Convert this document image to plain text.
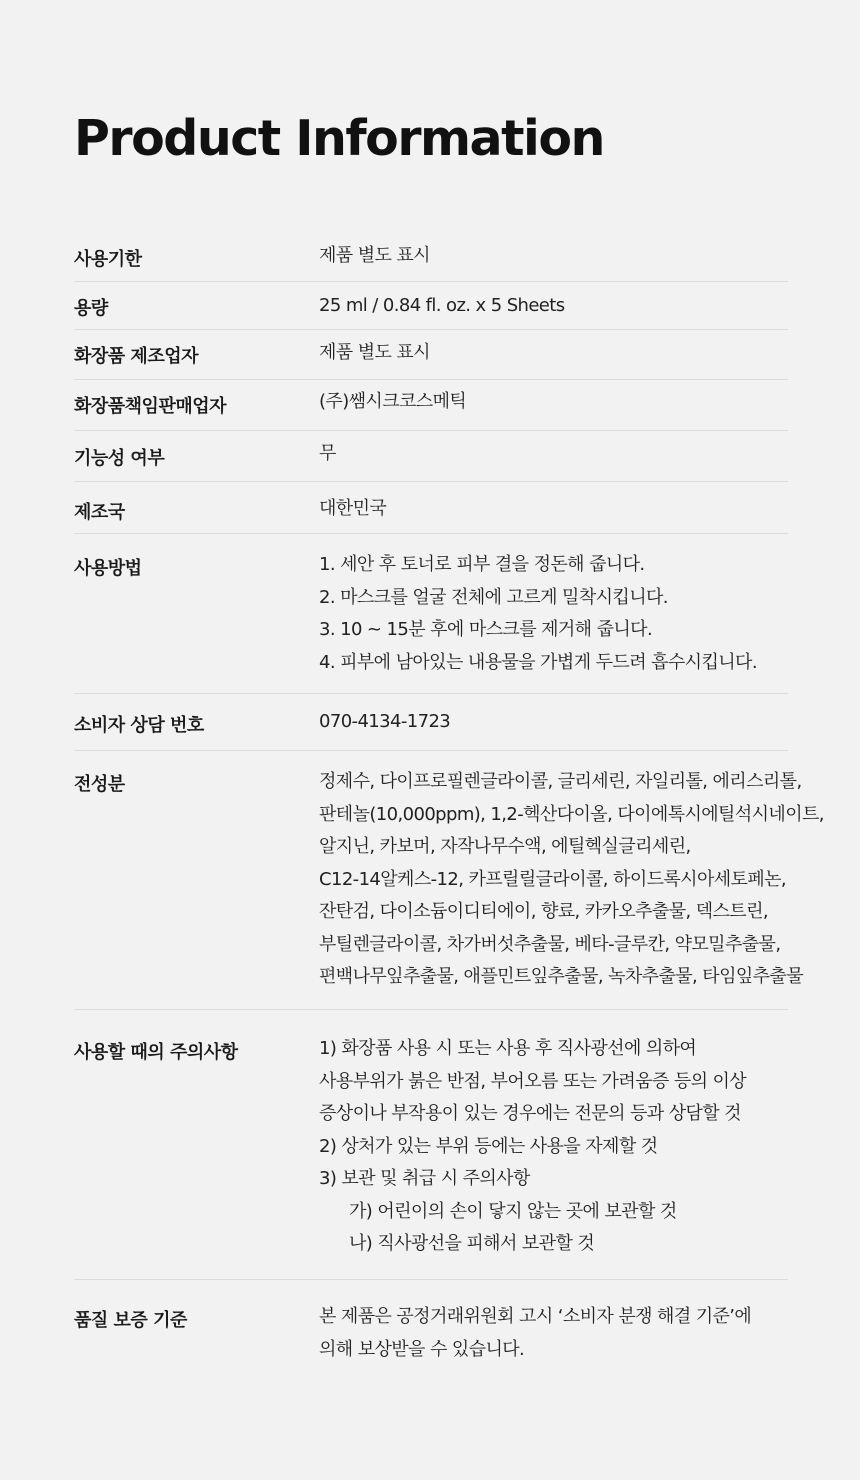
Product Information
사용기한	제품 별도 표시
용량	25 ml / 0.84 fl. oz. x 5 Sheets
화장품 제조업자	제품 별도 표시
화장품책임판매업자	(주)쌤시크코스메틱
기능성 여부	무
제조국	대한민국
사용방법	1. 세안 후 토너로 피부 결을 정돈해 줍니다.
2. 마스크를 얼굴 전체에 고르게 밀착시킵니다.
3. 10 ~ 15분 후에 마스크를 제거해 줍니다.
4. 피부에 남아있는 내용물을 가볍게 두드려 흡수시킵니다.
소비자 상담 번호	070-4134-1723
전성분	정제수, 다이프로필렌글라이콜, 글리세린, 자일리톨, 에리스리톨,
판테놀(10,000ppm), 1,2-헥산다이올, 다이에톡시에틸석시네이트,
알지닌, 카보머, 자작나무수액, 에틸헥실글리세린,
C12-14알케스-12, 카프릴릴글라이콜, 하이드록시아세토페논,
잔탄검, 다이소듐이디티에이, 향료, 카카오추출물, 덱스트린,
부틸렌글라이콜, 차가버섯추출물, 베타-글루칸, 약모밀추출물,
편백나무잎추출물, 애플민트잎추출물, 녹차추출물, 타임잎추출물
사용할 때의 주의사항	1) 화장품 사용 시 또는 사용 후 직사광선에 의하여
사용부위가 붉은 반점, 부어오름 또는 가려움증 등의 이상
증상이나 부작용이 있는 경우에는 전문의 등과 상담할 것
2) 상처가 있는 부위 등에는 사용을 자제할 것
3) 보관 및 취급 시 주의사항
가) 어린이의 손이 닿지 않는 곳에 보관할 것
나) 직사광선을 피해서 보관할 것
품질 보증 기준	본 제품은 공정거래위원회 고시 ‘소비자 분쟁 해결 기준’에
의해 보상받을 수 있습니다.
